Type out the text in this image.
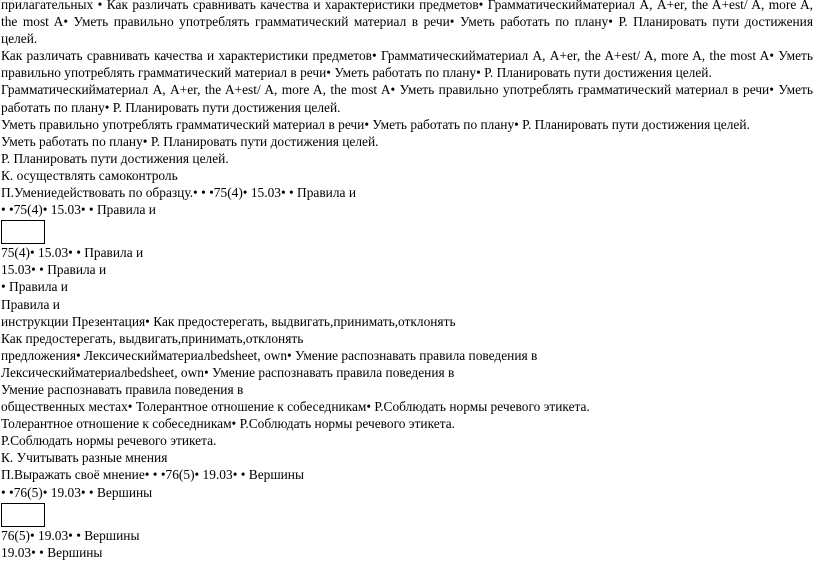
прилагательных • Как различать сравнивать качества и характеристики предметов• Грамматическийматериал А, А+er, the A+est/ A, more A, the most A• Уметь правильно употреблять грамматический материал в речи• Уметь работать по плану• Р. Планировать пути достижения целей.
Как различать сравнивать качества и характеристики предметов• Грамматическийматериал А, А+er, the A+est/ A, more A, the most A• Уметь правильно употреблять грамматический материал в речи• Уметь работать по плану• Р. Планировать пути достижения целей.
Грамматическийматериал А, А+er, the A+est/ A, more A, the most A• Уметь правильно употреблять грамматический материал в речи• Уметь работать по плану• Р. Планировать пути достижения целей.
Уметь правильно употреблять грамматический материал в речи• Уметь работать по плану• Р. Планировать пути достижения целей.
Уметь работать по плану• Р. Планировать пути достижения целей.
Р. Планировать пути достижения целей.
К. осуществлять самоконтроль
П.Умениедействовать по образцу.• • •75(4)• 15.03• • Правила и
• •75(4)• 15.03• • Правила и
75(4)• 15.03• • Правила и
15.03• • Правила и
• Правила и
Правила и
инструкции Презентация• Как предостерегать, выдвигать,принимать,отклонять
Как предостерегать, выдвигать,принимать,отклонять
предложения• Лексическийматериалbedsheet, own• Умение распознавать правила поведения в
Лексическийматериалbedsheet, own• Умение распознавать правила поведения в
Умение распознавать правила поведения в
общественных местах• Толерантное отношение к собеседникам• Р.Соблюдать нормы речевого этикета.
Толерантное отношение к собеседникам• Р.Соблюдать нормы речевого этикета.
Р.Соблюдать нормы речевого этикета.
К. Учитывать разные мнения
П.Выражать своё мнение• • •76(5)• 19.03• • Вершины
• •76(5)• 19.03• • Вершины
76(5)• 19.03• • Вершины
19.03• • Вершины
